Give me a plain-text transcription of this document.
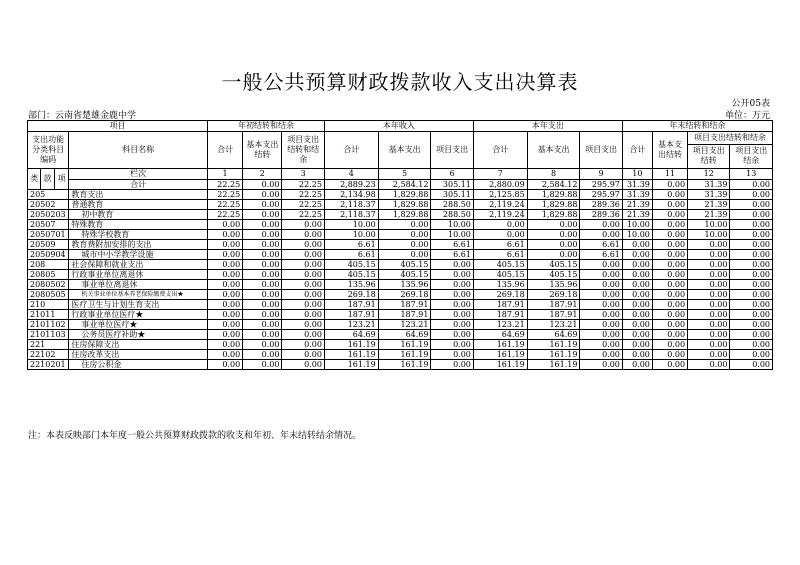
一般公共预算财政拨款收入支出决算表
公开05表
部门：云南省楚雄金鹿中学	单位：万元
项目				年初结转和结余			本年收入			本年支出			年末结转和结余			
支出功能分类科目编码			科目名称	合计	基本支出结转	项目支出结转和结余	合计	基本支出	项目支出	合计	基本支出	项目支出	合计	基本支出结转	项目支出结转和结余	
															项目支出结转	项目支出结余
类	款	项	栏次	1	2	3	4	5	6	7	8	9	10	11	12	13
			合计	22.25	0.00	22.25	2,889.23	2,584.12	305.11	2,880.09	2,584.12	295.97	31.39	0.00	31.39	0.00
205			教育支出	22.25	0.00	22.25	2,134.98	1,829.88	305.11	2,125.85	1,829.88	295.97	31.39	0.00	31.39	0.00
20502			普通教育	22.25	0.00	22.25	2,118.37	1,829.88	288.50	2,119.24	1,829.88	289.36	21.39	0.00	21.39	0.00
2050203			初中教育	22.25	0.00	22.25	2,118.37	1,829.88	288.50	2,119.24	1,829.88	289.36	21.39	0.00	21.39	0.00
20507			特殊教育	0.00	0.00	0.00	10.00	0.00	10.00	0.00	0.00	0.00	10.00	0.00	10.00	0.00
2050701			特殊学校教育	0.00	0.00	0.00	10.00	0.00	10.00	0.00	0.00	0.00	10.00	0.00	10.00	0.00
20509			教育费附加安排的支出	0.00	0.00	0.00	6.61	0.00	6.61	6.61	0.00	6.61	0.00	0.00	0.00	0.00
2050904			城市中小学教学设施	0.00	0.00	0.00	6.61	0.00	6.61	6.61	0.00	6.61	0.00	0.00	0.00	0.00
208			社会保障和就业支出	0.00	0.00	0.00	405.15	405.15	0.00	405.15	405.15	0.00	0.00	0.00	0.00	0.00
20805			行政事业单位离退休	0.00	0.00	0.00	405.15	405.15	0.00	405.15	405.15	0.00	0.00	0.00	0.00	0.00
2080502			事业单位离退休	0.00	0.00	0.00	135.96	135.96	0.00	135.96	135.96	0.00	0.00	0.00	0.00	0.00
2080505			机关事业单位基本养老保险缴费支出★	0.00	0.00	0.00	269.18	269.18	0.00	269.18	269.18	0.00	0.00	0.00	0.00	0.00
210			医疗卫生与计划生育支出	0.00	0.00	0.00	187.91	187.91	0.00	187.91	187.91	0.00	0.00	0.00	0.00	0.00
21011			行政事业单位医疗★	0.00	0.00	0.00	187.91	187.91	0.00	187.91	187.91	0.00	0.00	0.00	0.00	0.00
2101102			事业单位医疗★	0.00	0.00	0.00	123.21	123.21	0.00	123.21	123.21	0.00	0.00	0.00	0.00	0.00
2101103			公务员医疗补助★	0.00	0.00	0.00	64.69	64.69	0.00	64.69	64.69	0.00	0.00	0.00	0.00	0.00
221			住房保障支出	0.00	0.00	0.00	161.19	161.19	0.00	161.19	161.19	0.00	0.00	0.00	0.00	0.00
22102			住房改革支出	0.00	0.00	0.00	161.19	161.19	0.00	161.19	161.19	0.00	0.00	0.00	0.00	0.00
2210201			住房公积金	0.00	0.00	0.00	161.19	161.19	0.00	161.19	161.19	0.00	0.00	0.00	0.00	0.00
注：本表反映部门本年度一般公共预算财政拨款的收支和年初、年末结转结余情况。
